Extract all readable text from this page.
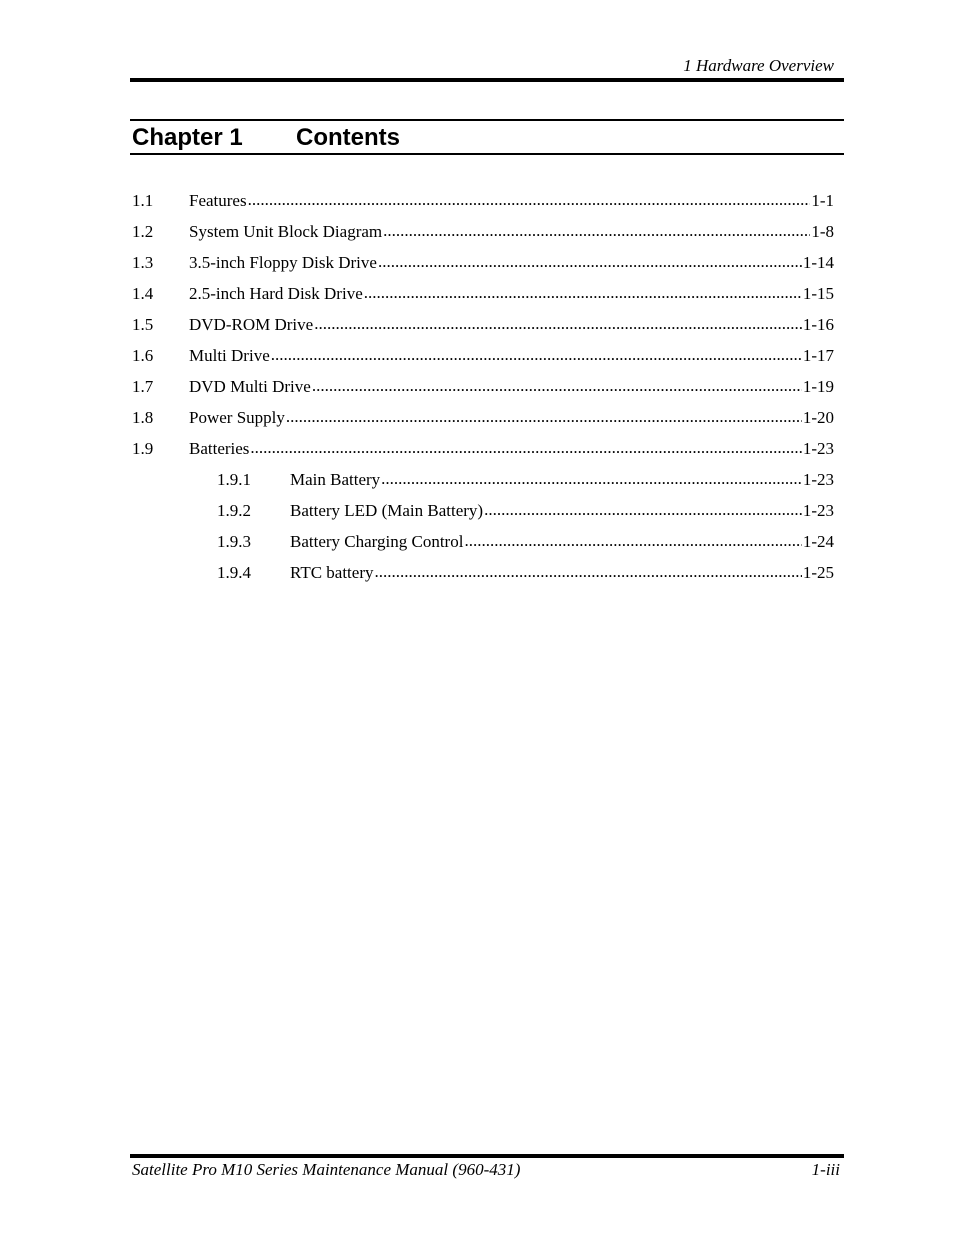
1 Hardware Overview
Chapter 1 Contents
1.1	Features .....	1-1
1.2	System Unit Block Diagram .....	1-8
1.3	3.5-inch Floppy Disk Drive .....	1-14
1.4	2.5-inch Hard Disk Drive .....	1-15
1.5	DVD-ROM Drive .....	1-16
1.6	Multi Drive .....	1-17
1.7	DVD Multi Drive .....	1-19
1.8	Power Supply .....	1-20
1.9	Batteries .....	1-23
1.9.1	Main Battery .....	1-23
1.9.2	Battery LED (Main Battery) .....	1-23
1.9.3	Battery Charging Control .....	1-24
1.9.4	RTC battery .....	1-25
Satellite Pro M10 Series Maintenance Manual (960-431)	1-iii
